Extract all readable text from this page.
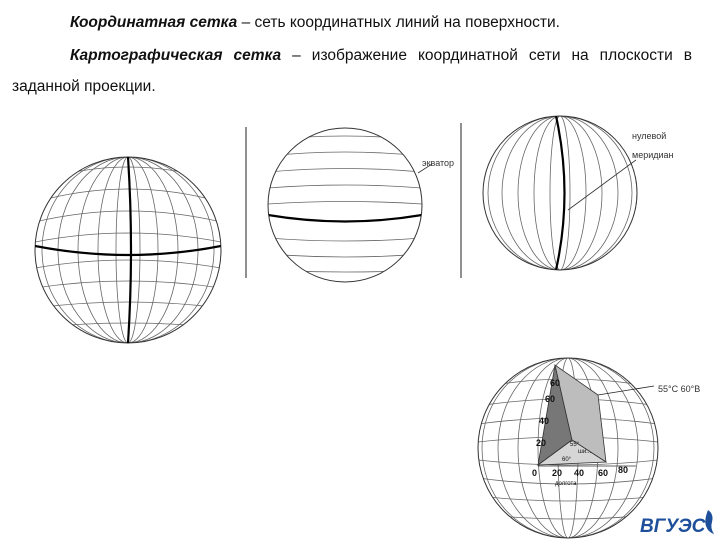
Координатная сетка – сеть координатных линий на поверхности.

Картографическая сетка – изображение координатной сети на плоскости в

заданной проекции.

экватор
нулевой
меридиан
55°С 60°В
60
60
40
20
0 20 40 60 80
долгота
55°
ши...
60°
ВГУЭС
